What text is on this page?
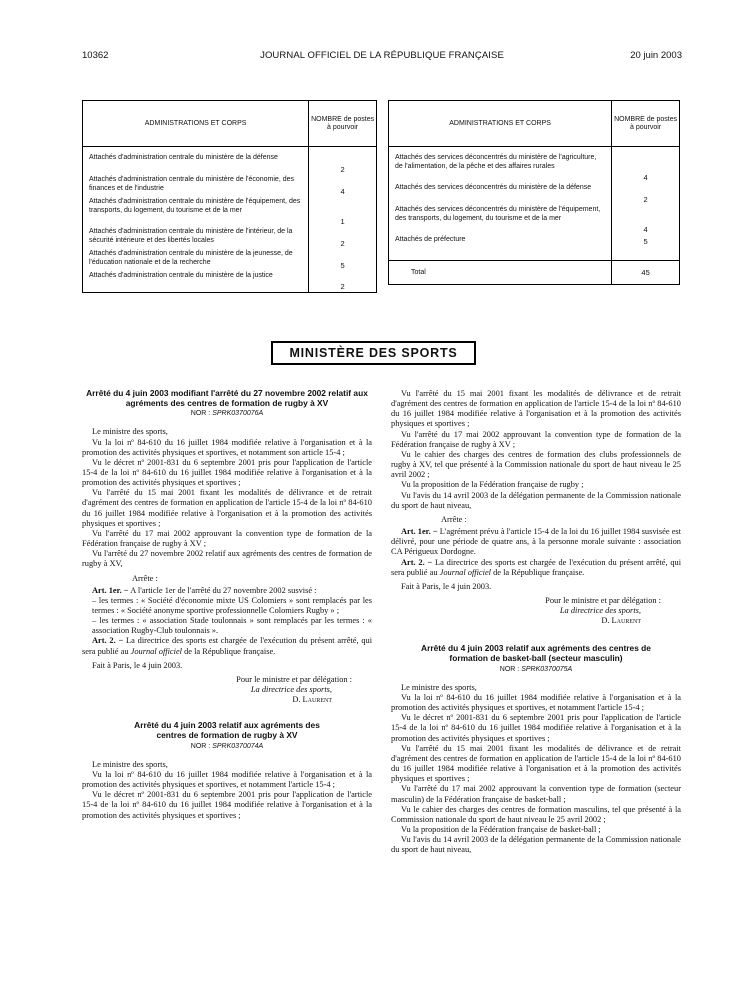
10362	JOURNAL OFFICIEL DE LA RÉPUBLIQUE FRANÇAISE	20 juin 2003
ADMINISTRATIONS ET CORPS	NOMBRE de postes à pourvoir

Attachés d'administration centrale du ministère de la défense	2
Attachés d'administration centrale du ministère de l'économie, des finances et de l'industrie	4
Attachés d'administration centrale du ministère de l'équipement, des transports, du logement, du tourisme et de la mer	1
Attachés d'administration centrale du ministère de l'intérieur, de la sécurité intérieure et des libertés locales	2
Attachés d'administration centrale du ministère de la jeunesse, de l'éducation nationale et de la recherche	5
Attachés d'administration centrale du ministère de la justice	2
ADMINISTRATIONS ET CORPS	NOMBRE de postes à pourvoir

Attachés des services déconcentrés du ministère de l'agriculture, de l'alimentation, de la pêche et des affaires rurales	4
Attachés des services déconcentrés du ministère de la défense	2
Attachés des services déconcentrés du ministère de l'équipement, des transports, du logement, du tourisme et de la mer	4
Attachés de préfecture	5

Total	45
MINISTÈRE DES SPORTS

Arrêté du 4 juin 2003 modifiant l'arrêté du 27 novembre 2002 relatif aux agréments des centres de formation de rugby à XV

NOR : SPRK0370076A

Le ministre des sports,

Vu la loi nº 84-610 du 16 juillet 1984 modifiée relative à l'organisation et à la promotion des activités physiques et sportives, et notamment son article 15-4 ;

Vu le décret nº 2001-831 du 6 septembre 2001 pris pour l'application de l'article 15-4 de la loi nº 84-610 du 16 juillet 1984 modifiée relative à l'organisation et à la promotion des activités physiques et sportives ;

Vu l'arrêté du 15 mai 2001 fixant les modalités de délivrance et de retrait d'agrément des centres de formation en application de l'article 15-4 de la loi nº 84-610 du 16 juillet 1984 modifiée relative à l'organisation et à la promotion des activités physiques et sportives ;

Vu l'arrêté du 17 mai 2002 approuvant la convention type de formation de la Fédération française de rugby à XV ;

Vu l'arrêté du 27 novembre 2002 relatif aux agréments des centres de formation de rugby à XV,

Arrête :

Art. 1er. − A l'article 1er de l'arrêté du 27 novembre 2002 susvisé :

– les termes : « Société d'économie mixte US Colomiers » sont remplacés par les termes : « Société anonyme sportive professionnelle Colomiers Rugby » ;

– les termes : « association Stade toulonnais » sont remplacés par les termes : « association Rugby-Club toulonnais ».

Art. 2. − La directrice des sports est chargée de l'exécution du présent arrêté, qui sera publié au Journal officiel de la République française.

Fait à Paris, le 4 juin 2003.

Pour le ministre et par délégation :

La directrice des sports,

D. Laurent

Arrêté du 4 juin 2003 relatif aux agréments des centres de formation de rugby à XV

NOR : SPRK0370074A

Le ministre des sports,

Vu la loi nº 84-610 du 16 juillet 1984 modifiée relative à l'organisation et à la promotion des activités physiques et sportives, et notamment l'article 15-4 ;

Vu le décret nº 2001-831 du 6 septembre 2001 pris pour l'application de l'article 15-4 de la loi nº 84-610 du 16 juillet 1984 modifiée relative à l'organisation et à la promotion des activités physiques et sportives ;

Vu l'arrêté du 15 mai 2001 fixant les modalités de délivrance et de retrait d'agrément des centres de formation en application de l'article 15-4 de la loi nº 84-610 du 16 juillet 1984 modifiée relative à l'organisation et à la promotion des activités physiques et sportives ;

Vu l'arrêté du 17 mai 2002 approuvant la convention type de formation de la Fédération française de rugby à XV ;

Vu le cahier des charges des centres de formation des clubs professionnels de rugby à XV, tel que présenté à la Commission nationale du sport de haut niveau le 25 avril 2002 ;

Vu la proposition de la Fédération française de rugby ;

Vu l'avis du 14 avril 2003 de la délégation permanente de la Commission nationale du sport de haut niveau,

Arrête :

Art. 1er. − L'agrément prévu à l'article 15-4 de la loi du 16 juillet 1984 susvisée est délivré, pour une période de quatre ans, à la personne morale suivante : association CA Périgueux Dordogne.

Art. 2. − La directrice des sports est chargée de l'exécution du présent arrêté, qui sera publié au Journal officiel de la République française.

Fait à Paris, le 4 juin 2003.

Pour le ministre et par délégation :

La directrice des sports,

D. Laurent

Arrêté du 4 juin 2003 relatif aux agréments des centres de formation de basket-ball (secteur masculin)

NOR : SPRK0370075A

Le ministre des sports,

Vu la loi nº 84-610 du 16 juillet 1984 modifiée relative à l'organisation et à la promotion des activités physiques et sportives, et notamment l'article 15-4 ;

Vu le décret nº 2001-831 du 6 septembre 2001 pris pour l'application de l'article 15-4 de la loi nº 84-610 du 16 juillet 1984 modifiée relative à l'organisation et à la promotion des activités physiques et sportives ;

Vu l'arrêté du 15 mai 2001 fixant les modalités de délivrance et de retrait d'agrément des centres de formation en application de l'article 15-4 de la loi nº 84-610 du 16 juillet 1984 modifiée relative à l'organisation et à la promotion des activités physiques et sportives ;

Vu l'arrêté du 17 mai 2002 approuvant la convention type de formation (secteur masculin) de la Fédération française de basket-ball ;

Vu le cahier des charges des centres de formation masculins, tel que présenté à la Commission nationale du sport de haut niveau le 25 avril 2002 ;

Vu la proposition de la Fédération française de basket-ball ;

Vu l'avis du 14 avril 2003 de la délégation permanente de la Commission nationale du sport de haut niveau,
